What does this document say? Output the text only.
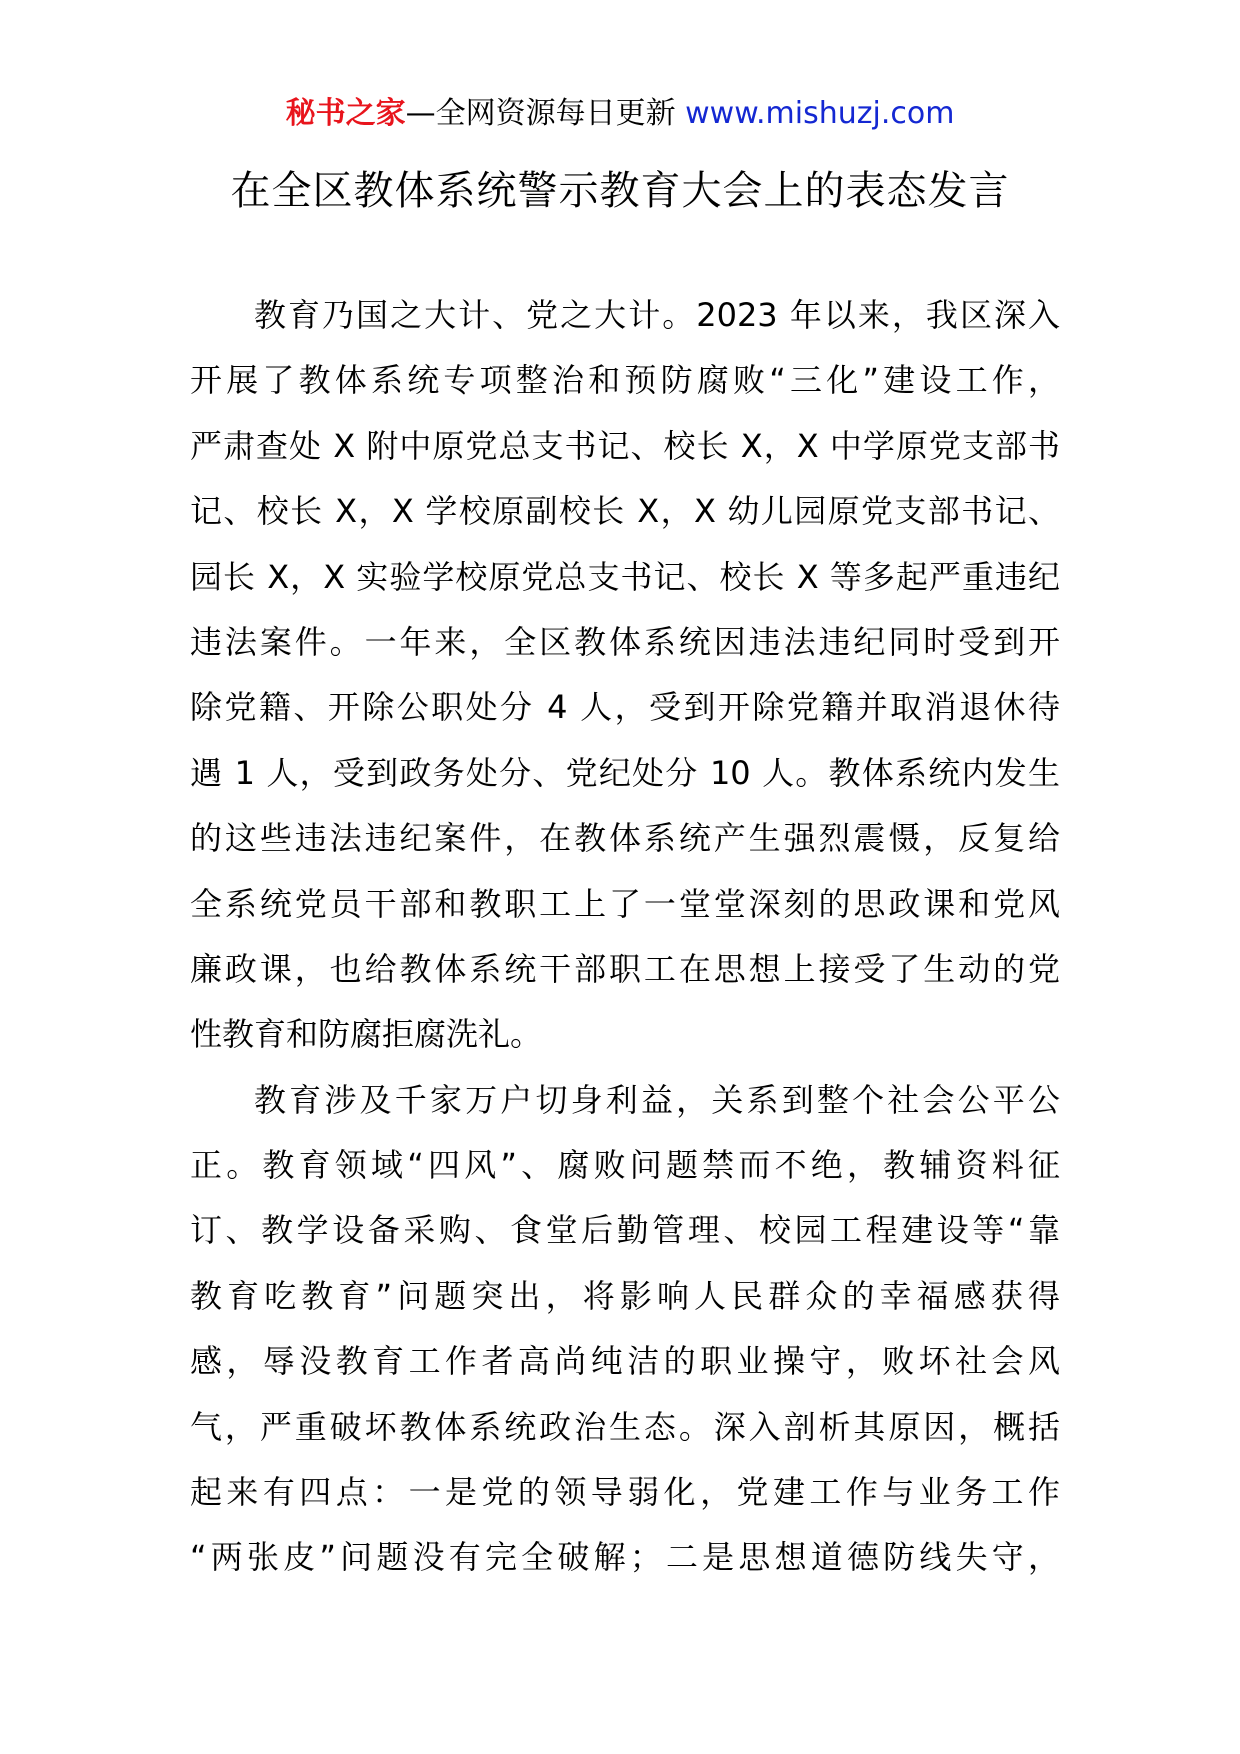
秘书之家—全网资源每日更新 www.mishuzj.com
在全区教体系统警示教育大会上的表态发言
教育乃国之大计、党之大计。2023 年以来，我区深入
开展了教体系统专项整治和预防腐败“三化”建设工作，
严肃查处 X 附中原党总支书记、校长 X，X 中学原党支部书
记、校长 X，X 学校原副校长 X，X 幼儿园原党支部书记、
园长 X，X 实验学校原党总支书记、校长 X 等多起严重违纪
违法案件。一年来，全区教体系统因违法违纪同时受到开
除党籍、开除公职处分 4 人，受到开除党籍并取消退休待
遇 1 人，受到政务处分、党纪处分 10 人。教体系统内发生
的这些违法违纪案件，在教体系统产生强烈震慑，反复给
全系统党员干部和教职工上了一堂堂深刻的思政课和党风
廉政课，也给教体系统干部职工在思想上接受了生动的党
性教育和防腐拒腐洗礼。
教育涉及千家万户切身利益，关系到整个社会公平公
正。教育领域“四风”、腐败问题禁而不绝，教辅资料征
订、教学设备采购、食堂后勤管理、校园工程建设等“靠
教育吃教育”问题突出，将影响人民群众的幸福感获得
感，辱没教育工作者高尚纯洁的职业操守，败坏社会风
气，严重破坏教体系统政治生态。深入剖析其原因，概括
起来有四点：一是党的领导弱化，党建工作与业务工作
“两张皮”问题没有完全破解；二是思想道德防线失守，
